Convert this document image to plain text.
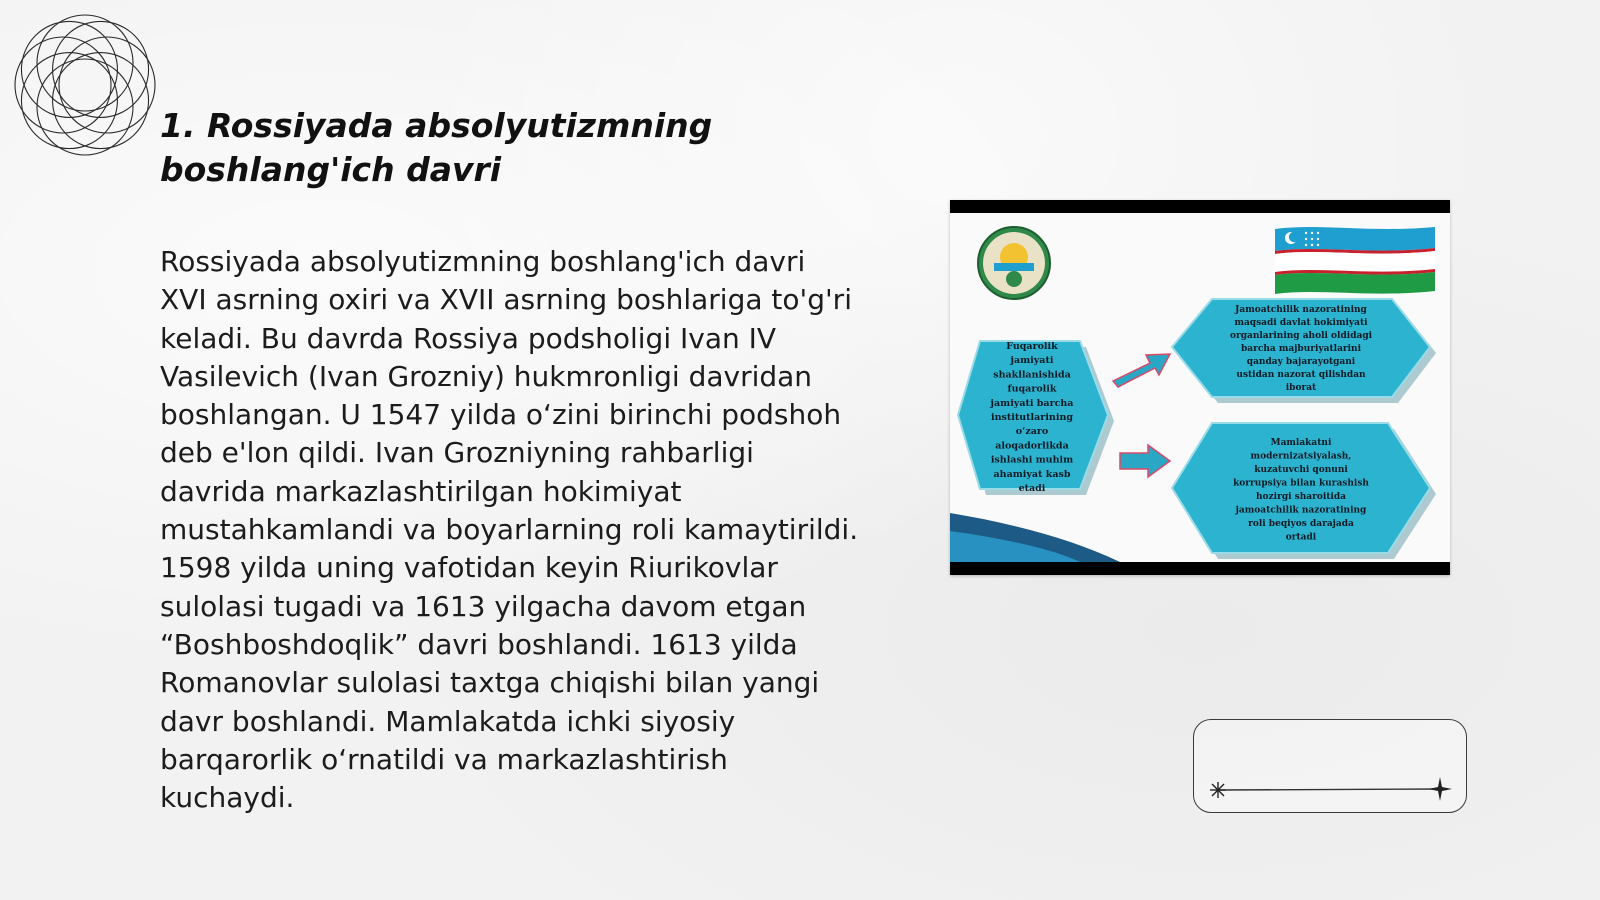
1. Rossiyada absolyutizmning boshlang'ich davri

Rossiyada absolyutizmning boshlang'ich davri XVI asrning oxiri va XVII asrning boshlariga to'g'ri keladi. Bu davrda Rossiya podsholigi Ivan IV Vasilevich (Ivan Grozniy) hukmronligi davridan boshlangan. U 1547 yilda o‘zini birinchi podshoh deb e'lon qildi. Ivan Grozniyning rahbarligi davrida markazlashtirilgan hokimiyat mustahkamlandi va boyarlarning roli kamaytirildi. 1598 yilda uning vafotidan keyin Riurikovlar sulolasi tugadi va 1613 yilgacha davom etgan “Boshboshdoqlik” davri boshlandi. 1613 yilda Romanovlar sulolasi taxtga chiqishi bilan yangi davr boshlandi. Mamlakatda ichki siyosiy barqarorlik o‘rnatildi va markazlashtirish kuchaydi.

Fuqarolik jamiyati shakllanishida fuqarolik jamiyati barcha institutlarining o‘zaro aloqadorlikda ishlashi muhim ahamiyat kasb etadi
Jamoatchilik nazoratining maqsadi davlat hokimiyati organlarining aholi oldidagi barcha majburiyatlarini qanday bajarayotgani ustidan nazorat qilishdan iborat
Mamlakatni modernizatsiyalash, kuzatuvchi qonuni korrupsiya bilan kurashish hozirgi sharoitida jamoatchilik nazoratining roli beqiyos darajada ortadi
